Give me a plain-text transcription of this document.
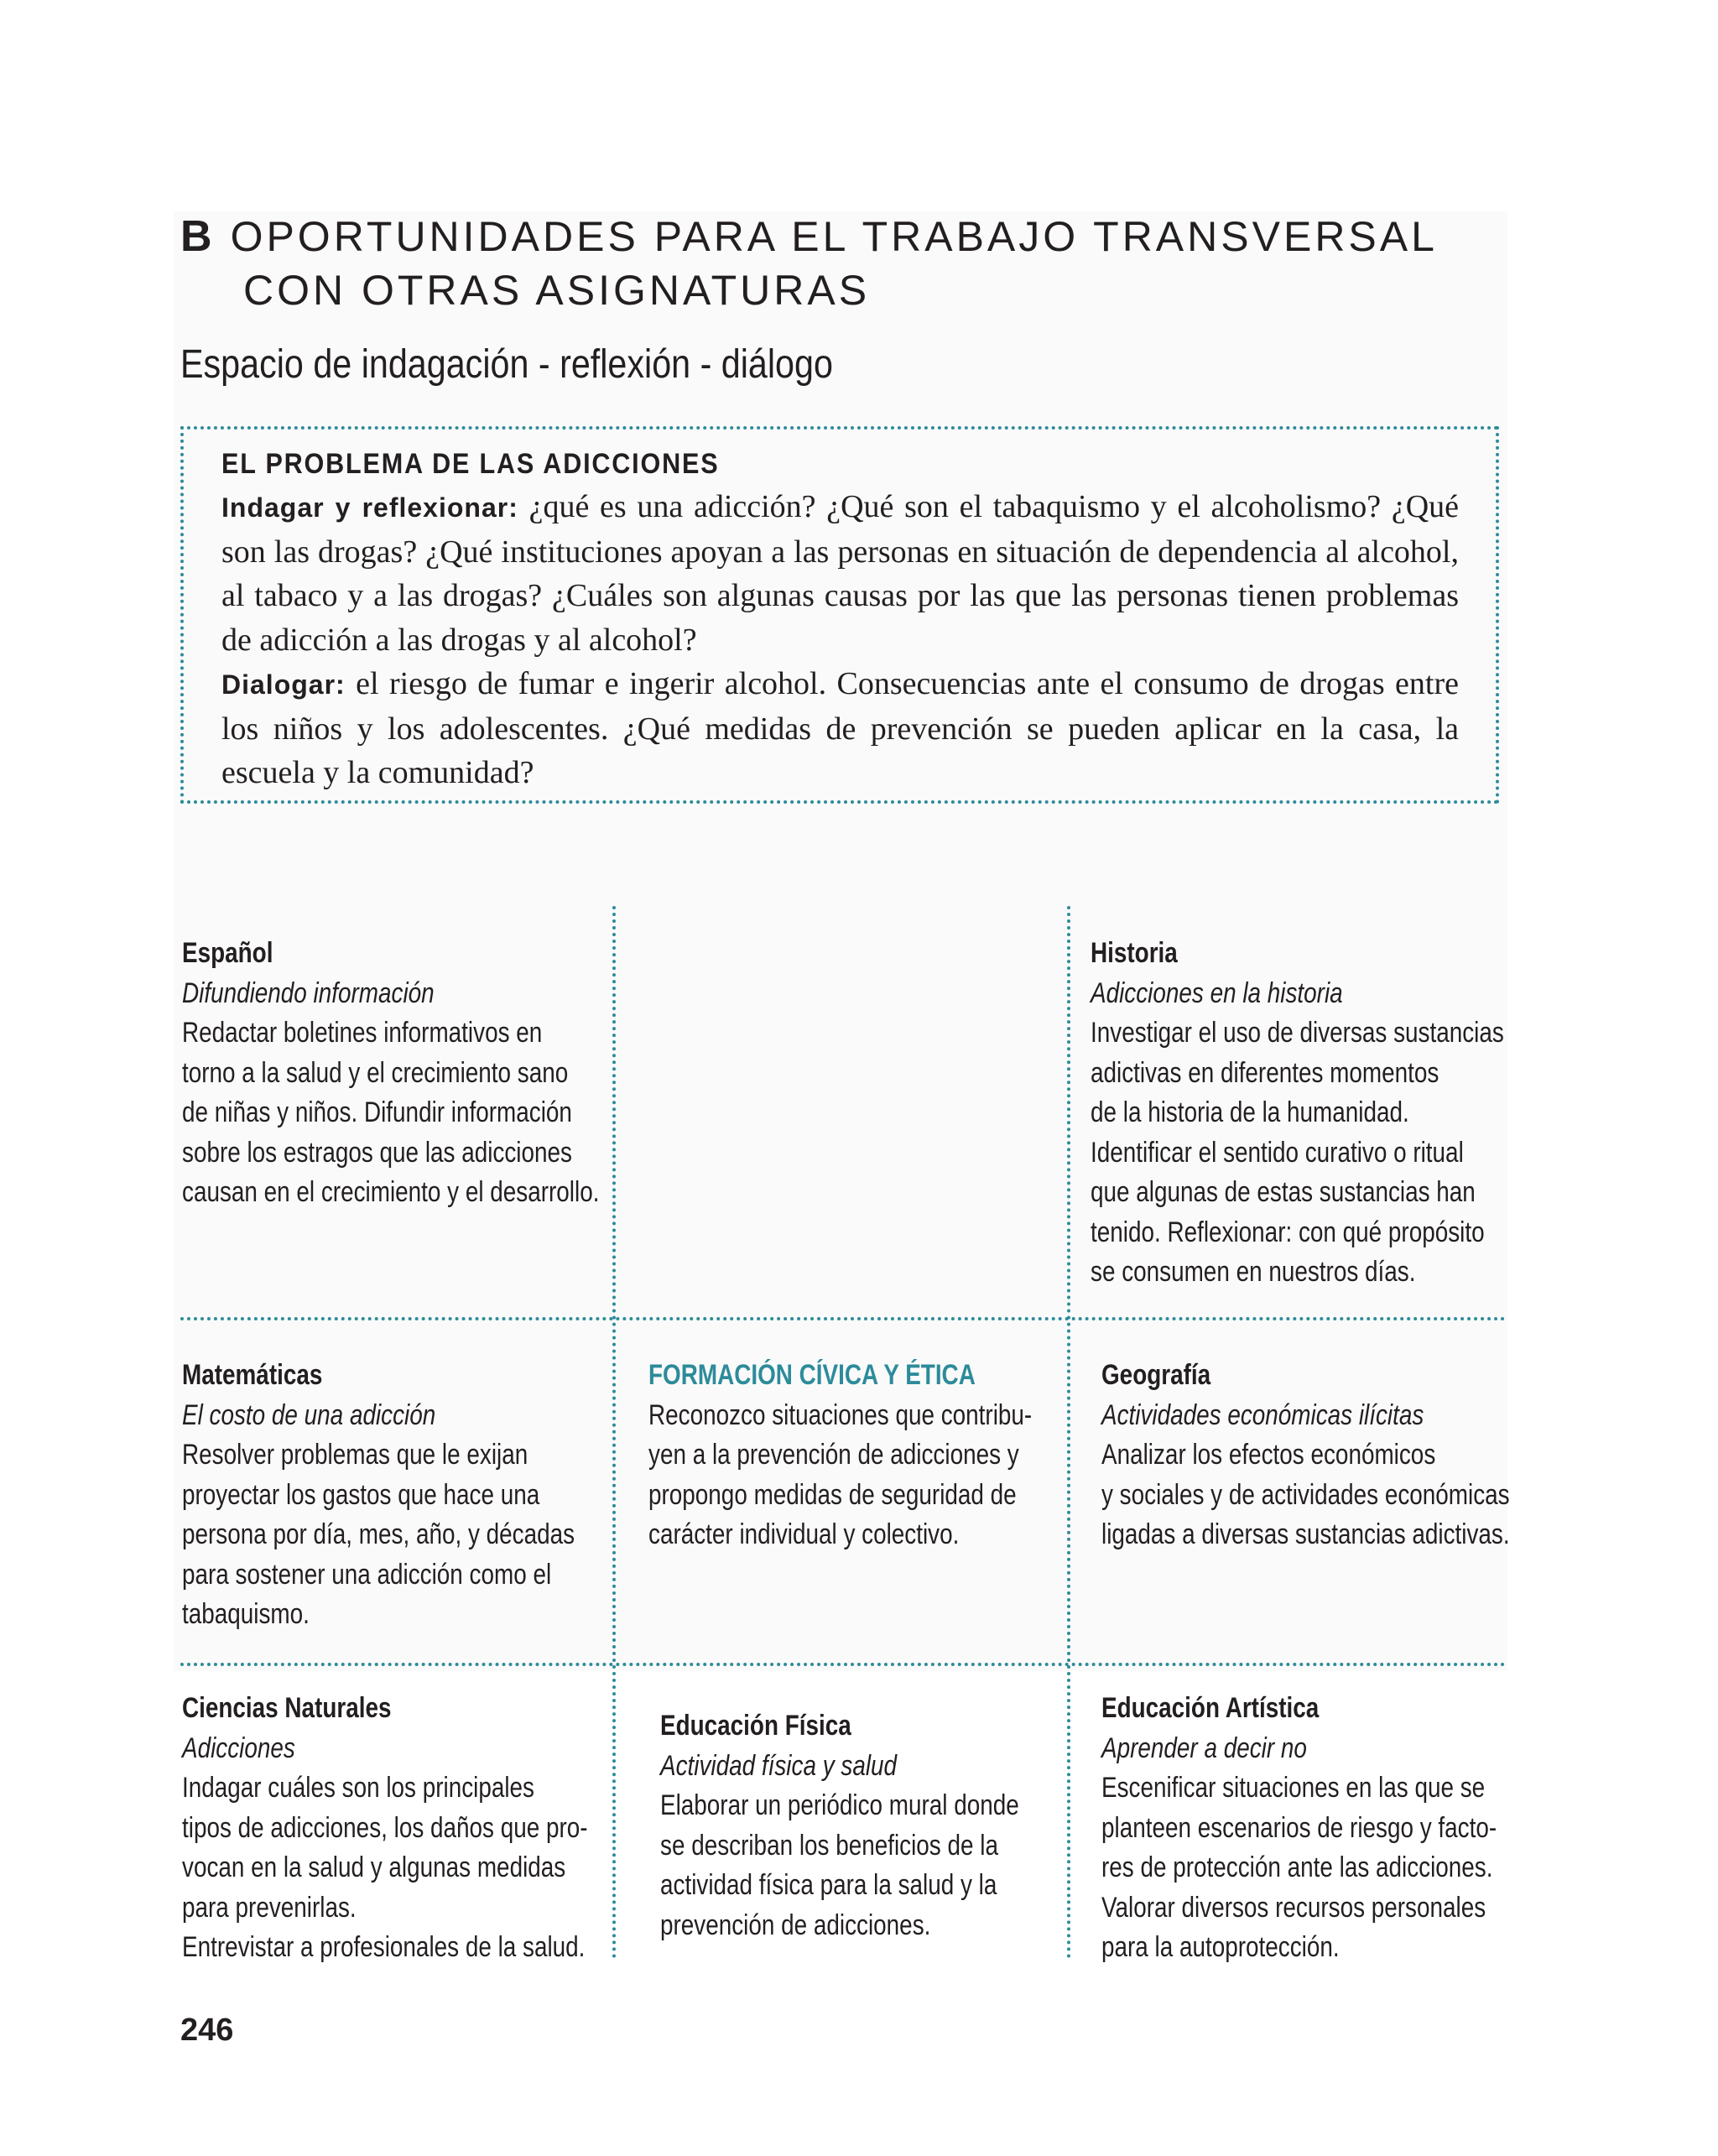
B OPORTUNIDADES PARA EL TRABAJO TRANSVERSAL
CON OTRAS ASIGNATURAS
Espacio de indagación - reflexión - diálogo
EL PROBLEMA DE LAS ADICCIONES

Indagar y reflexionar: ¿qué es una adicción? ¿Qué son el tabaquismo y el alcoholismo? ¿Qué son las drogas? ¿Qué instituciones apoyan a las personas en situación de dependencia al alcohol, al tabaco y a las drogas? ¿Cuáles son algunas causas por las que las personas tienen problemas de adicción a las drogas y al alcohol?

Dialogar: el riesgo de fumar e ingerir alcohol. Consecuencias ante el consumo de drogas entre los niños y los adolescentes. ¿Qué medidas de prevención se pueden aplicar en la casa, la escuela y la comunidad?

Español
Difundiendo información
Redactar boletines informativos en
torno a la salud y el crecimiento sano
de niñas y niños. Difundir información
sobre los estragos que las adicciones
causan en el crecimiento y el desarrollo.
Historia
Adicciones en la historia
Investigar el uso de diversas sustancias
adictivas en diferentes momentos
de la historia de la humanidad.
Identificar el sentido curativo o ritual
que algunas de estas sustancias han
tenido. Reflexionar: con qué propósito
se consumen en nuestros días.
Matemáticas
El costo de una adicción
Resolver problemas que le exijan
proyectar los gastos que hace una
persona por día, mes, año, y décadas
para sostener una adicción como el
tabaquismo.
FORMACIÓN CÍVICA Y ÉTICA
Reconozco situaciones que contribu-
yen a la prevención de adicciones y
propongo medidas de seguridad de
carácter individual y colectivo.
Geografía
Actividades económicas ilícitas
Analizar los efectos económicos
y sociales y de actividades económicas
ligadas a diversas sustancias adictivas.
Ciencias Naturales
Adicciones
Indagar cuáles son los principales
tipos de adicciones, los daños que pro-
vocan en la salud y algunas medidas
para prevenirlas.
Entrevistar a profesionales de la salud.
Educación Física
Actividad física y salud
Elaborar un periódico mural donde
se describan los beneficios de la
actividad física para la salud y la
prevención de adicciones.
Educación Artística
Aprender a decir no
Escenificar situaciones en las que se
planteen escenarios de riesgo y facto-
res de protección ante las adicciones.
Valorar diversos recursos personales
para la autoprotección.
246
